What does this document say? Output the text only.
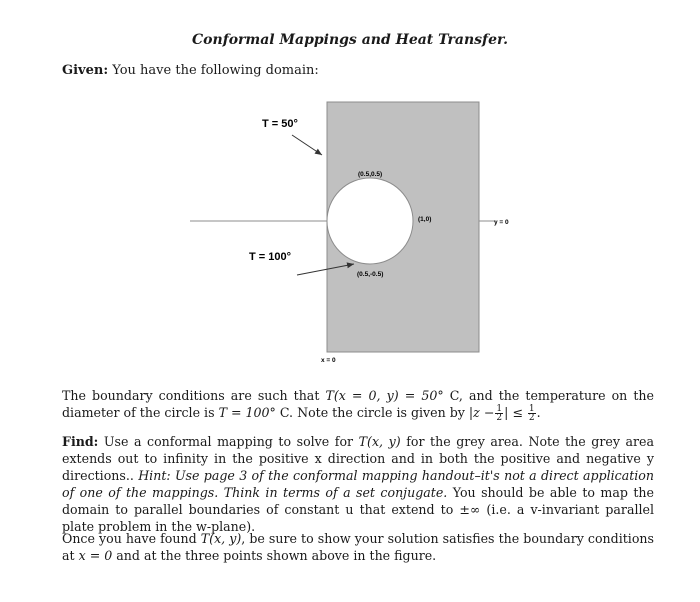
Conformal Mappings and Heat Transfer.
Given: You have the following domain:
T = 50°
T = 100°
(0.5,0.5)
(1,0)
(0.5,-0.5)
y = 0
x = 0
The boundary conditions are such that T(x = 0, y) = 50° C, and the temperature on the diameter of the circle is T = 100° C. Note the circle is given by $|z - \frac{1}{2}$ | ≤ $\frac{1}{2}$ .
Find: Use a conformal mapping to solve for T(x, y) for the grey area. Note the grey area extends out to infinity in the positive x direction and in both the positive and negative y directions.. Hint: Use page 3 of the conformal mapping handout–it's not a direct application of one of the mappings. Think in terms of a set conjugate. You should be able to map the domain to parallel boundaries of constant u that extend to ±∞ (i.e. a v-invariant parallel plate problem in the w-plane).
Once you have found T(x, y), be sure to show your solution satisfies the boundary conditions at x = 0 and at the three points shown above in the figure.
